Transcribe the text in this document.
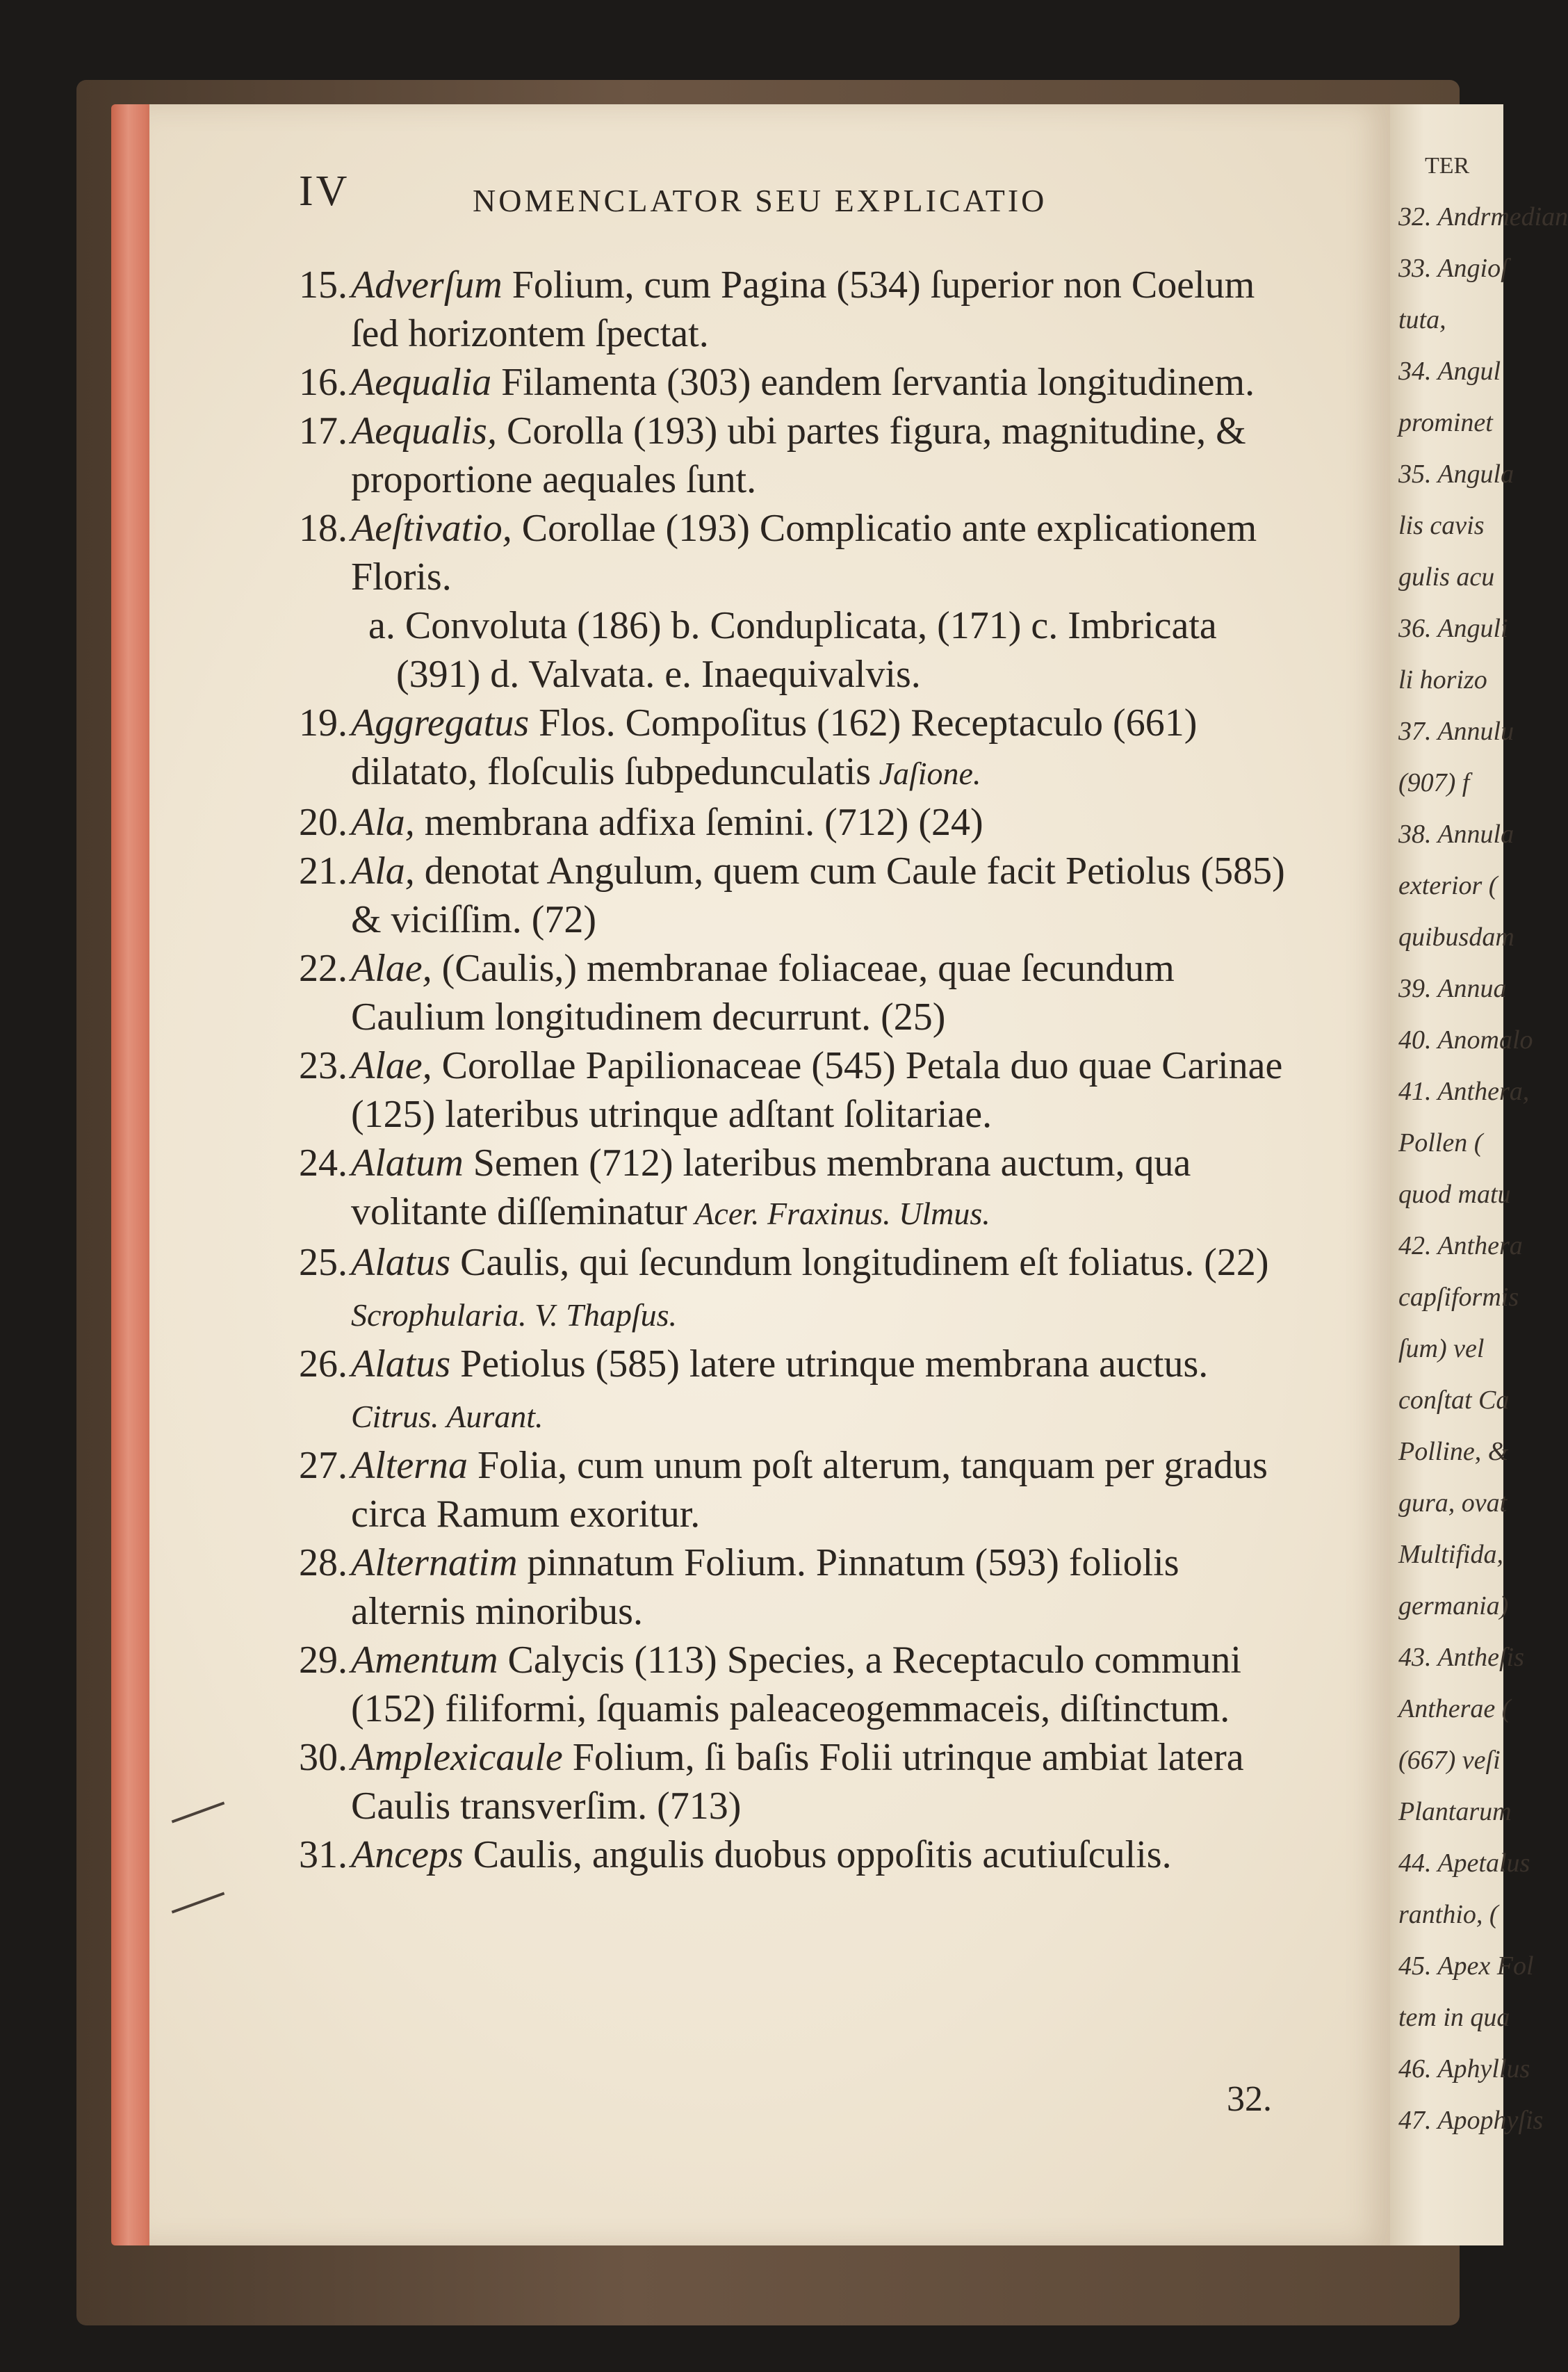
IV	NOMENCLATOR SEU EXPLICATIO
15.Adverſum Folium, cum Pagina (534) ſuperior non Coelum ſed horizontem ſpectat.
16.Aequalia Filamenta (303) eandem ſervantia longitudinem.
17.Aequalis, Corolla (193) ubi partes figura, magnitudine, & proportione aequales ſunt.
18.Aeſtivatio, Corollae (193) Complicatio ante explicationem Floris.
a. Convoluta (186) b. Conduplicata, (171) c. Imbricata (391) d. Valvata. e. Inaequivalvis.
19.Aggregatus Flos. Compoſitus (162) Receptaculo (661) dilatato, floſculis ſubpedunculatis Jaſione.
20.Ala, membrana adfixa ſemini. (712) (24)
21.Ala, denotat Angulum, quem cum Caule facit Petiolus (585) & viciſſim. (72)
22.Alae, (Caulis,) membranae foliaceae, quae ſecundum Caulium longitudinem decurrunt. (25)
23.Alae, Corollae Papilionaceae (545) Petala duo quae Carinae (125) lateribus utrinque adſtant ſolitariae.
24.Alatum Semen (712) lateribus membrana auctum, qua volitante diſſeminatur Acer. Fraxinus. Ulmus.
25.Alatus Caulis, qui ſecundum longitudinem eſt foliatus. (22) Scrophularia. V. Thapſus.
26.Alatus Petiolus (585) latere utrinque membrana auctus. Citrus. Aurant.
27.Alterna Folia, cum unum poſt alterum, tanquam per gradus circa Ramum exoritur.
28.Alternatim pinnatum Folium. Pinnatum (593) foliolis alternis minoribus.
29.Amentum Calycis (113) Species, a Receptaculo communi (152) filiformi, ſquamis paleaceogemmaceis, diſtinctum.
30.Amplexicaule Folium, ſi baſis Folii utrinque ambiat latera Caulis transverſim. (713)
31.Anceps Caulis, angulis duobus oppoſitis acutiuſculis.
32.
TER
32. Andrmedian
33. Angioſ
tuta,
34. Angul
prominet
35. Angula
lis cavis
gulis acu
36. Anguli
li horizo
37. Annulu
(907) f
38. Annula
exterior (
quibusdam
39. Annua
40. Anomalo
41. Anthera,
Pollen (
quod matu
42. Anthera
capſiformis
ſum) vel
conſtat Ca
Polline, &
gura, ovat
Multifida,
germania)
43. Antheſis
Antherae (
(667) veſi
Plantarum
44. Apetalus
ranthio, (
45. Apex Fol
tem in qua
46. Aphyllus
47. Apophyſis
